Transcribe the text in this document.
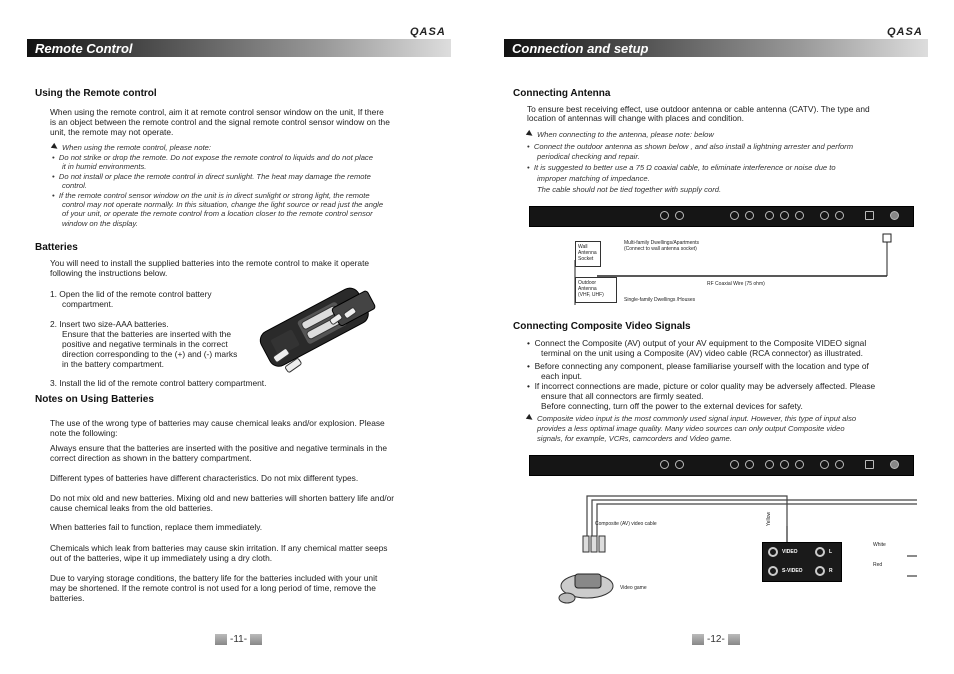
QASA
Remote Control
Using the Remote control
When using the remote control, aim it at remote control sensor window on the unit, If there
is an object between the remote control and the signal remote control sensor window on the
unit, the remote may not operate.
When using the remote control, please note:
•  Do not strike or drop the remote. Do not expose the remote control to liquids and do not place
it in humid environments.
•  Do not install or place the remote control in direct sunlight. The heat may damage the remote
control.
•  If the remote control sensor window on the unit is in direct sunlight or strong light, the remote
control may not operate normally. In this situation, change the light source or read just the angle
of your unit, or operate the remote control from a location closer to the remote control sensor
window on the display.
Batteries
You will need to install the supplied batteries into the remote control to make it operate
following the instructions below.
1. Open the lid of the remote control battery
compartment.
2. Insert two size-AAA batteries.
Ensure that the batteries are inserted with the
positive and negative terminals in the correct
direction corresponding to the (+) and (-) marks
in the battery compartment.
3. Install the lid of the remote control battery compartment.
Notes on Using Batteries
The use of the wrong type of batteries may cause chemical leaks and/or explosion. Please
note the following:
Always ensure that the batteries are inserted with the positive and negative terminals in the
correct direction as shown in the battery compartment.
Different types of batteries have different characteristics. Do not mix different types.
Do not mix old and new batteries. Mixing old and new batteries will shorten battery life and/or
cause chemical leaks from the old batteries.
When batteries fail to function, replace them immediately.
Chemicals which leak from batteries may cause skin irritation. If any chemical matter seeps
out of the batteries, wipe it up immediately using a dry cloth.
Due to varying storage conditions, the battery life for the batteries included with your unit
may be shortened. If the remote control is not used for a long period of time, remove the
batteries.
-11-
QASA
Connection and setup
Connecting Antenna
To ensure best receiving effect, use outdoor antenna or cable antenna (CATV). The type and
location of antennas will change with places and condition.
When connecting to the antenna, please note: below
•  Connect the outdoor antenna as shown below , and also install a lightning arrester and perform
periodical checking and repair.
•  It is suggested to better use a 75 Ω coaxial cable, to eliminate interference or noise due to
improper matching of impedance.
The cable should not be tied together with supply cord.
Wall
Antenna
Socket
Multi-family Dwellings/Apartments
(Connect to wall antenna socket)
Outdoor
Antenna
(VHF, UHF)
Single-family Dwellings /Houses
RF Coaxial Wire (75 ohm)
Connecting Composite Video Signals
•  Connect the Composite (AV) output of your AV equipment to the Composite VIDEO signal
terminal on the unit using a Composite (AV) video cable (RCA connector) as illustrated.
•  Before connecting any component, please familiarise yourself with the location and type of
each input.
•  If incorrect connections are made, picture or color quality may be adversely affected. Please
ensure that all connectors are firmly seated.
Before connecting, turn off the power to the external devices for safety.
Composite video input is the most commonly used signal input. However, this type of input also
provides a less optimal image quality. Many video sources can only output Composite video
signals, for example, VCRs, camcorders and Video game.
Composite (AV) video cable
Video game
Yellow
White
Red
VIDEO
S-VIDEO
L
R
-12-
